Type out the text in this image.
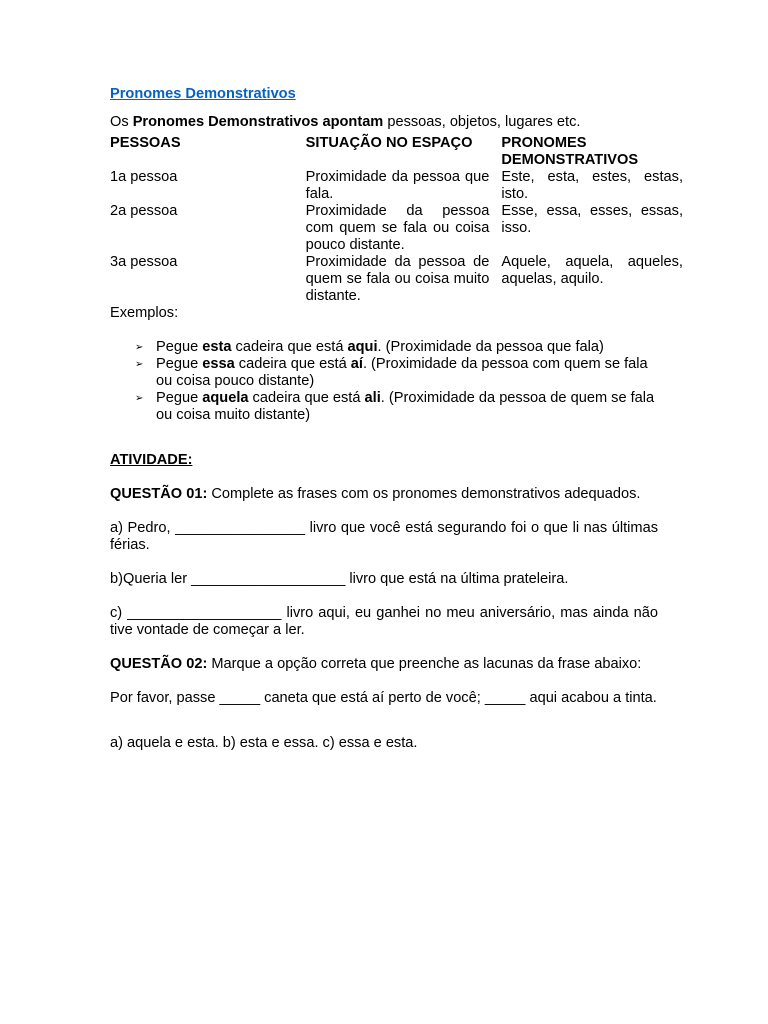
Pronomes Demonstrativos

Os Pronomes Demonstrativos apontam pessoas, objetos, lugares etc.

PESSOAS	SITUAÇÃO NO ESPAÇO	PRONOMES DEMONSTRATIVOS
1a pessoa	Proximidade da pessoa que fala.	Este, esta, estes, estas, isto.
2a pessoa	Proximidade da pessoa com quem se fala ou coisa pouco distante.	Esse, essa, esses, essas, isso.
3a pessoa	Proximidade da pessoa de quem se fala ou coisa muito distante.	Aquele, aquela, aqueles, aquelas, aquilo.

Exemplos:

➢ Pegue esta cadeira que está aqui. (Proximidade da pessoa que fala)
➢ Pegue essa cadeira que está aí. (Proximidade da pessoa com quem se fala ou coisa pouco distante)
➢ Pegue aquela cadeira que está ali. (Proximidade da pessoa de quem se fala ou coisa muito distante)

ATIVIDADE:

QUESTÃO 01: Complete as frases com os pronomes demonstrativos adequados.

a) Pedro, ________________ livro que você está segurando foi o que li nas últimas férias.

b)Queria ler ___________________ livro que está na última prateleira.

c) ___________________ livro aqui, eu ganhei no meu aniversário, mas ainda não tive vontade de começar a ler.

QUESTÃO 02: Marque a opção correta que preenche as lacunas da frase abaixo:

Por favor, passe _____ caneta que está aí perto de você; _____ aqui acabou a tinta.

a) aquela e esta. b) esta e essa. c) essa e esta.
